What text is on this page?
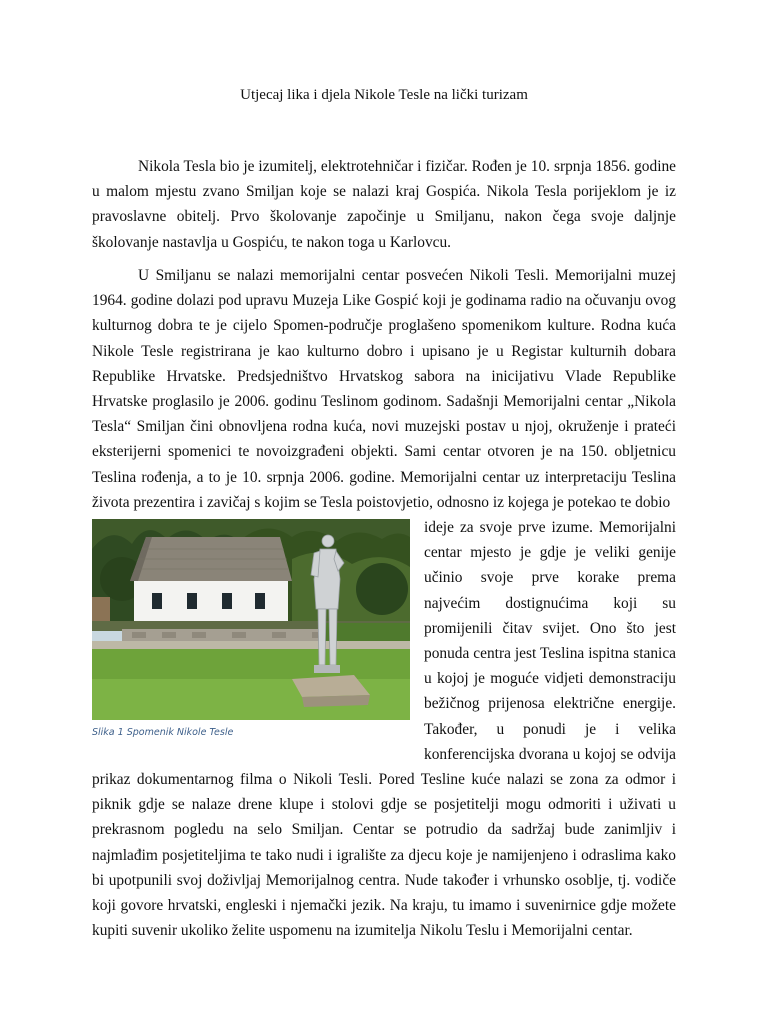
Utjecaj lika i djela Nikole Tesle na lički turizam

Nikola Tesla bio je izumitelj, elektrotehničar i fizičar. Rođen je 10. srpnja 1856. godine u malom mjestu zvano Smiljan koje se nalazi kraj Gospića. Nikola Tesla porijeklom je iz pravoslavne obitelj. Prvo školovanje započinje u Smiljanu, nakon čega svoje daljnje školovanje nastavlja u Gospiću, te nakon toga u Karlovcu.

U Smiljanu se nalazi memorijalni centar posvećen Nikoli Tesli. Memorijalni muzej 1964. godine dolazi pod upravu Muzeja Like Gospić koji je godinama radio na očuvanju ovog kulturnog dobra te je cijelo Spomen-područje proglašeno spomenikom kulture. Rodna kuća Nikole Tesle registrirana je kao kulturno dobro i upisano je u Registar kulturnih dobara Republike Hrvatske. Predsjedništvo Hrvatskog sabora na inicijativu Vlade Republike Hrvatske proglasilo je 2006. godinu Teslinom godinom. Sadašnji Memorijalni centar „Nikola Tesla“ Smiljan čini obnovljena rodna kuća, novi muzejski postav u njoj, okruženje i prateći eksterijerni spomenici te novoizgrađeni objekti. Sami centar otvoren je na 150. obljetnicu Teslina rođenja, a to je 10. srpnja 2006. godine. Memorijalni centar uz interpretaciju Teslina života prezentira i zavičaj s kojim se Tesla poistovjetio, odnosno iz kojega je potekao te dobio

Slika 1 Spomenik Nikole Tesle

ideje za svoje prve izume. Memorijalni centar mjesto je gdje je veliki genije učinio svoje prve korake prema najvećim dostignućima koji su promijenili čitav svijet. Ono što jest ponuda centra jest Teslina ispitna stanica u kojoj je moguće vidjeti demonstraciju bežičnog prijenosa električne energije. Također, u ponudi je i velika konferencijska dvorana u kojoj se odvija prikaz dokumentarnog filma o Nikoli Tesli. Pored Tesline kuće nalazi se zona za odmor i piknik gdje se nalaze drene klupe i stolovi gdje se posjetitelji mogu odmoriti i uživati u prekrasnom pogledu na selo Smiljan. Centar se potrudio da sadržaj bude zanimljiv i najmlađim posjetiteljima te tako nudi i igralište za djecu koje je namijenjeno i odraslima kako bi upotpunili svoj doživljaj Memorijalnog centra. Nude također i vrhunsko osoblje, tj. vodiče koji govore hrvatski, engleski i njemački jezik. Na kraju, tu imamo i suvenirnice gdje možete kupiti suvenir ukoliko želite uspomenu na izumitelja Nikolu Teslu i Memorijalni centar.
